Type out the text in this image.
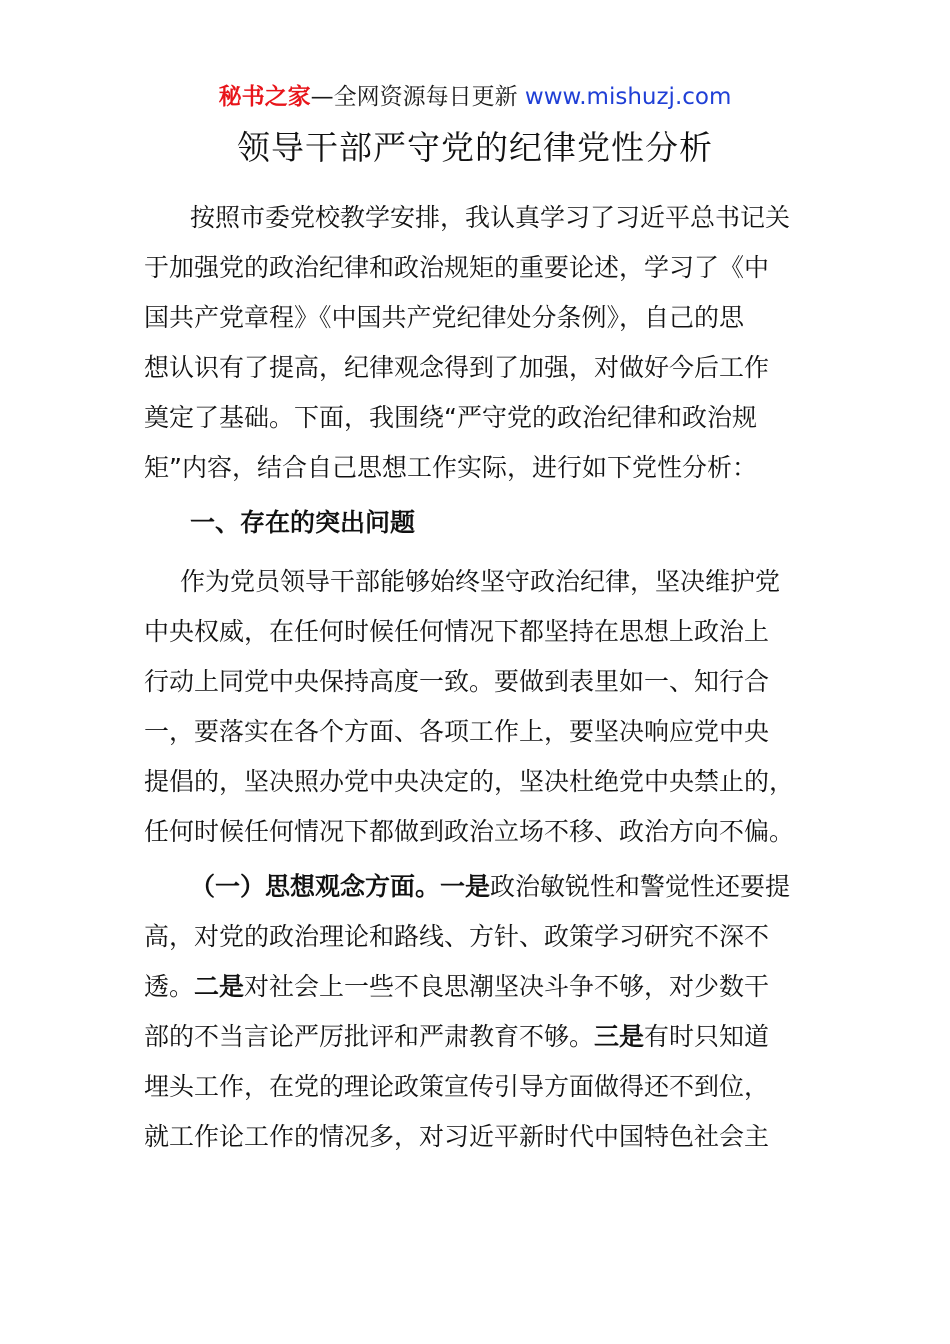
秘书之家—全网资源每日更新 www.mishuzj.com
领导干部严守党的纪律党性分析
按照市委党校教学安排，我认真学习了习近平总书记关
于加强党的政治纪律和政治规矩的重要论述，学习了《中
国共产党章程》《中国共产党纪律处分条例》，自己的思
想认识有了提高，纪律观念得到了加强，对做好今后工作
奠定了基础。下面，我围绕“严守党的政治纪律和政治规
矩”内容，结合自己思想工作实际，进行如下党性分析：
一、存在的突出问题
作为党员领导干部能够始终坚守政治纪律，坚决维护党
中央权威，在任何时候任何情况下都坚持在思想上政治上
行动上同党中央保持高度一致。要做到表里如一、知行合
一，要落实在各个方面、各项工作上，要坚决响应党中央
提倡的，坚决照办党中央决定的，坚决杜绝党中央禁止的，
任何时候任何情况下都做到政治立场不移、政治方向不偏。
（一）思想观念方面。一是政治敏锐性和警觉性还要提
高，对党的政治理论和路线、方针、政策学习研究不深不
透。二是对社会上一些不良思潮坚决斗争不够，对少数干
部的不当言论严厉批评和严肃教育不够。三是有时只知道
埋头工作，在党的理论政策宣传引导方面做得还不到位，
就工作论工作的情况多，对习近平新时代中国特色社会主
